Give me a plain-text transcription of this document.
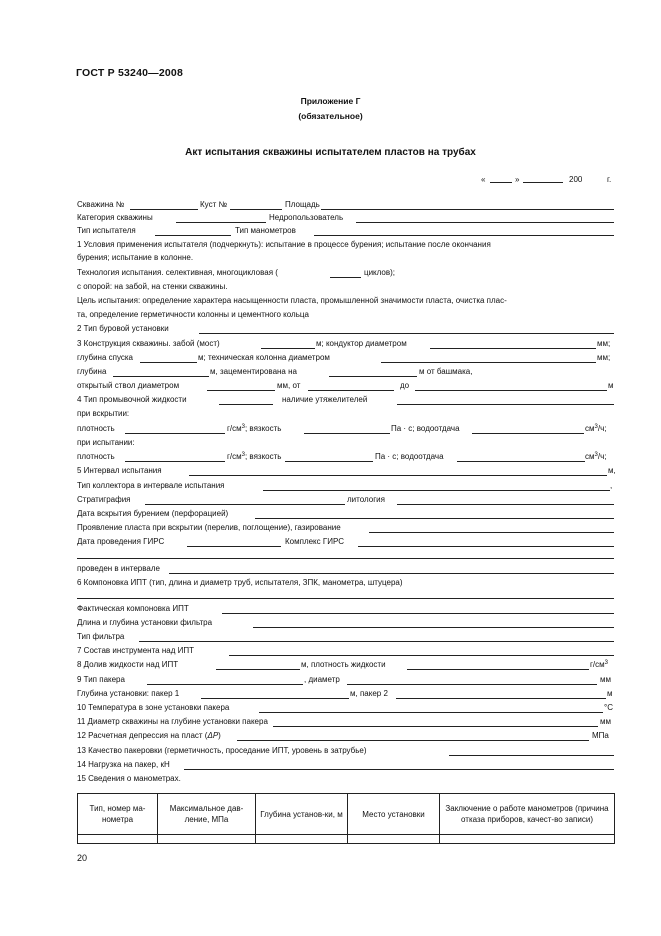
ГОСТ Р 53240—2008
Приложение Г
(обязательное)
Акт испытания скважины испытателем пластов на трубах
«	»	200	г.
Скважина №	Куст №	Площадь
Категория скважины	Недропользователь
Тип испытателя	Тип манометров
1 Условия применения испытателя (подчеркнуть): испытание в процессе бурения; испытание после окончания
бурения; испытание в колонне.
Технология испытания. селективная, многоцикловая (	циклов);
с опорой: на забой, на стенки скважины.
Цель испытания: определение характера насыщенности пласта, промышленной значимости пласта, очистка плас-
та, определение герметичности колонны и цементного кольца
2 Тип буровой установки
3 Конструкция скважины. забой (мост)	м; кондуктор диаметром	мм;
глубина спуска	м; техническая колонна диаметром	мм;
глубина	м, зацементирована на	м от башмака,
открытый ствол диаметром	мм, от	до	м
4 Тип промывочной жидкости	наличие утяжелителей
при вскрытии:
плотность	$г/см^3$; вязкость	Па · с; водоотдача	$см^3/ч$;
при испытании:
плотность	$г/см^3$; вязкость	Па · с; водоотдача	$см^3/ч$;
5 Интервал испытания	м,
Тип коллектора в интервале испытания	,
Стратиграфия	литология
Дата вскрытия бурением (перфорацией)
Проявление пласта при вскрытии (перелив, поглощение), газирование
Дата проведения ГИРС	Комплекс ГИРС
проведен в интервале
6 Компоновка ИПТ (тип, длина и диаметр труб, испытателя, ЗПК, манометра, штуцера)
Фактическая компоновка ИПТ
Длина и глубина установки фильтра
Тип фильтра
7 Состав инструмента над ИПТ
8 Долив жидкости над ИПТ	м, плотность жидкости	$г/см^3$
9 Тип пакера	, диаметр	мм
Глубина установки: пакер 1	м, пакер 2	м
10 Температура в зоне установки пакера	°С
11 Диаметр скважины на глубине установки пакера	мм
12 Расчетная депрессия на пласт (ΔP)	МПа
13 Качество пакеровки (герметичность, проседание ИПТ, уровень в затрубье)
14 Нагрузка на пакер, кН
15 Сведения о манометрах.
Тип, номер ма-нометра	Максимальное дав-ление, МПа	Глубина установ-ки, м	Место установки	Заключение о работе манометров (причина отказа приборов, качест-во записи)

20
